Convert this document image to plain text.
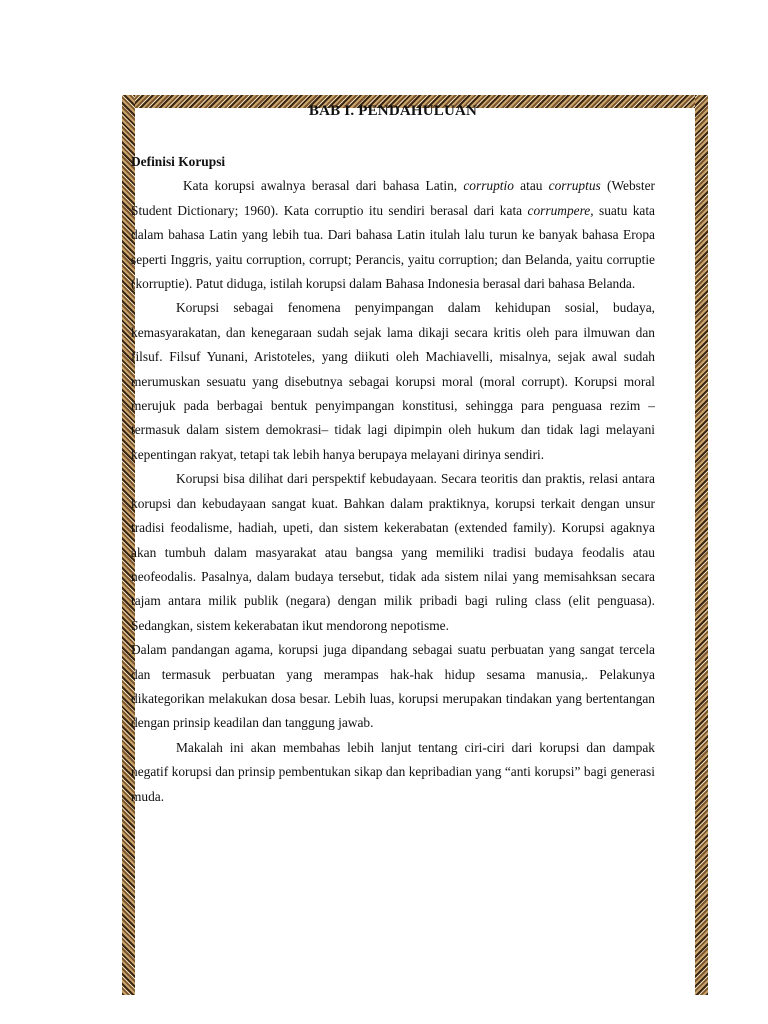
BAB I. PENDAHULUAN
Definisi Korupsi

Kata korupsi awalnya berasal dari bahasa Latin, corruptio atau corruptus (Webster Student Dictionary; 1960). Kata corruptio itu sendiri berasal dari kata corrumpere, suatu kata dalam bahasa Latin yang lebih tua. Dari bahasa Latin itulah lalu turun ke banyak bahasa Eropa seperti Inggris, yaitu corruption, corrupt; Perancis, yaitu corruption; dan Belanda, yaitu corruptie (korruptie). Patut diduga, istilah korupsi dalam Bahasa Indonesia berasal dari bahasa Belanda.

Korupsi sebagai fenomena penyimpangan dalam kehidupan sosial, budaya, kemasyarakatan, dan kenegaraan sudah sejak lama dikaji secara kritis oleh para ilmuwan dan filsuf. Filsuf Yunani, Aristoteles, yang diikuti oleh Machiavelli, misalnya, sejak awal sudah merumuskan sesuatu yang disebutnya sebagai korupsi moral (moral corrupt). Korupsi moral merujuk pada berbagai bentuk penyimpangan konstitusi, sehingga para penguasa rezim –termasuk dalam sistem demokrasi– tidak lagi dipimpin oleh hukum dan tidak lagi melayani kepentingan rakyat, tetapi tak lebih hanya berupaya melayani dirinya sendiri.

Korupsi bisa dilihat dari perspektif kebudayaan. Secara teoritis dan praktis, relasi antara korupsi dan kebudayaan sangat kuat. Bahkan dalam praktiknya, korupsi terkait dengan unsur tradisi feodalisme, hadiah, upeti, dan sistem kekerabatan (extended family). Korupsi agaknya akan tumbuh dalam masyarakat atau bangsa yang memiliki tradisi budaya feodalis atau neofeodalis. Pasalnya, dalam budaya tersebut, tidak ada sistem nilai yang memisahksan secara tajam antara milik publik (negara) dengan milik pribadi bagi ruling class (elit penguasa). Sedangkan, sistem kekerabatan ikut mendorong nepotisme.

Dalam pandangan agama, korupsi juga dipandang sebagai suatu perbuatan yang sangat tercela dan termasuk perbuatan yang merampas hak-hak hidup sesama manusia,. Pelakunya dikategorikan melakukan dosa besar. Lebih luas, korupsi merupakan tindakan yang bertentangan dengan prinsip keadilan dan tanggung jawab.

Makalah ini akan membahas lebih lanjut tentang ciri-ciri dari korupsi dan dampak negatif korupsi dan prinsip pembentukan sikap dan kepribadian yang “anti korupsi” bagi generasi muda.
